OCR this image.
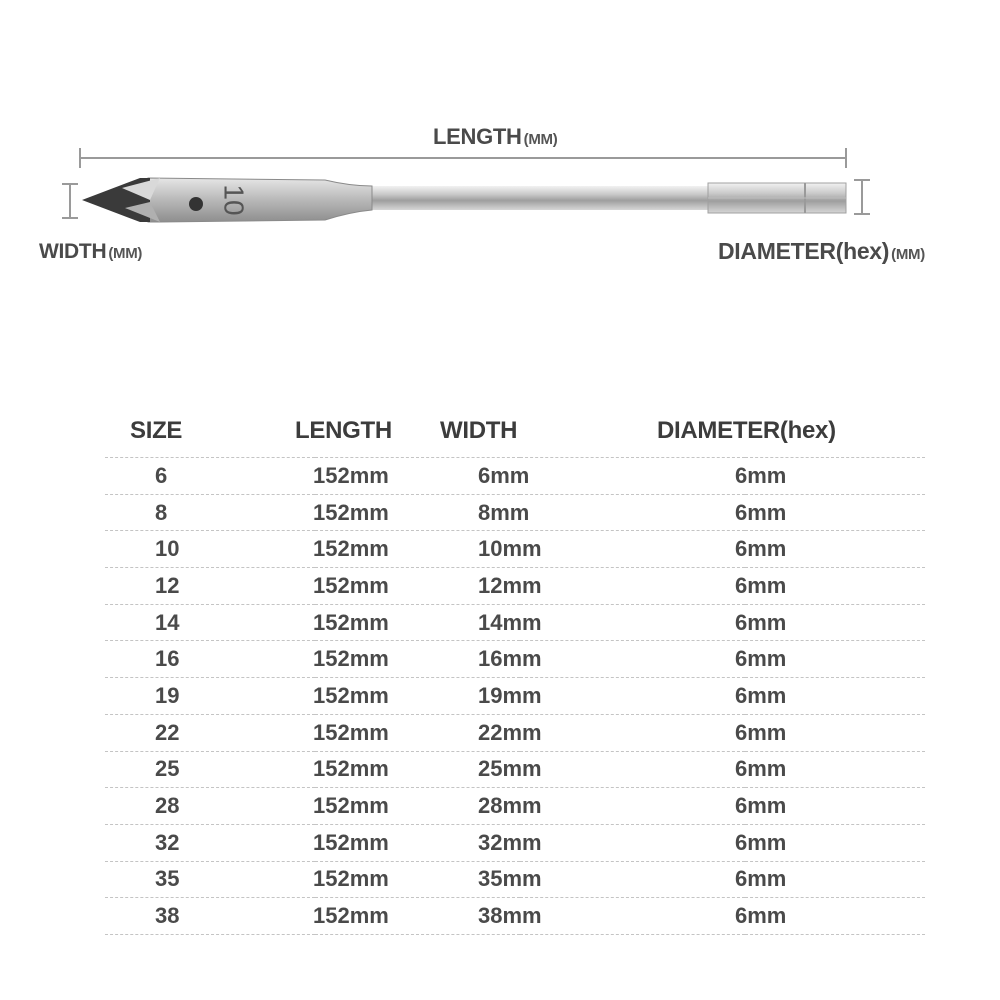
10
LENGTH (MM)
WIDTH (MM)	DIAMETER(hex) (MM)
SIZE	LENGTH	WIDTH	DIAMETER(hex)
6	152mm	6mm	6mm
8	152mm	8mm	6mm
10	152mm	10mm	6mm
12	152mm	12mm	6mm
14	152mm	14mm	6mm
16	152mm	16mm	6mm
19	152mm	19mm	6mm
22	152mm	22mm	6mm
25	152mm	25mm	6mm
28	152mm	28mm	6mm
32	152mm	32mm	6mm
35	152mm	35mm	6mm
38	152mm	38mm	6mm
